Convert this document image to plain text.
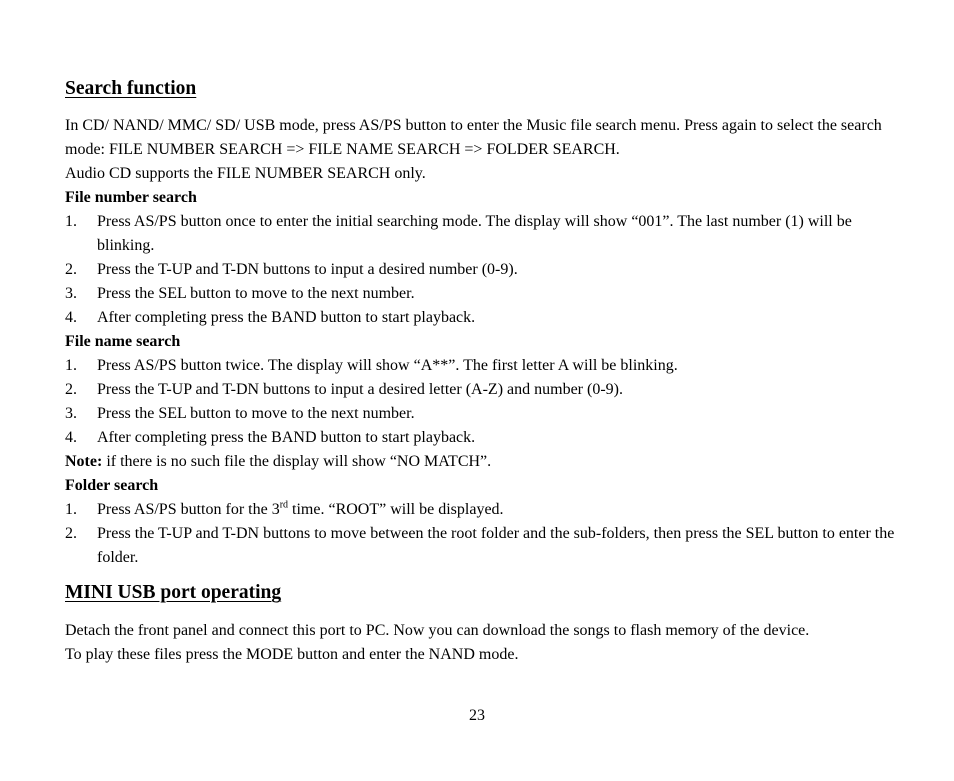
Search function

In CD/ NAND/ MMC/ SD/ USB mode, press AS/PS button to enter the Music file search menu. Press again to select the search mode: FILE NUMBER SEARCH => FILE NAME SEARCH => FOLDER SEARCH.

Audio CD supports the FILE NUMBER SEARCH only.

File number search

1. Press AS/PS button once to enter the initial searching mode. The display will show “001”. The last number (1) will be blinking.
2. Press the T-UP and T-DN buttons to input a desired number (0-9).
3. Press the SEL button to move to the next number.
4. After completing press the BAND button to start playback.

File name search

1. Press AS/PS button twice. The display will show “A**”. The first letter A will be blinking.
2. Press the T-UP and T-DN buttons to input a desired letter (A-Z) and number (0-9).
3. Press the SEL button to move to the next number.
4. After completing press the BAND button to start playback.

Note: if there is no such file the display will show “NO MATCH”.

Folder search

1. Press AS/PS button for the 3rd time. “ROOT” will be displayed.
2. Press the T-UP and T-DN buttons to move between the root folder and the sub-folders, then press the SEL button to enter the folder.
MINI USB port operating

Detach the front panel and connect this port to PC. Now you can download the songs to flash memory of the device.

To play these files press the MODE button and enter the NAND mode.

23
